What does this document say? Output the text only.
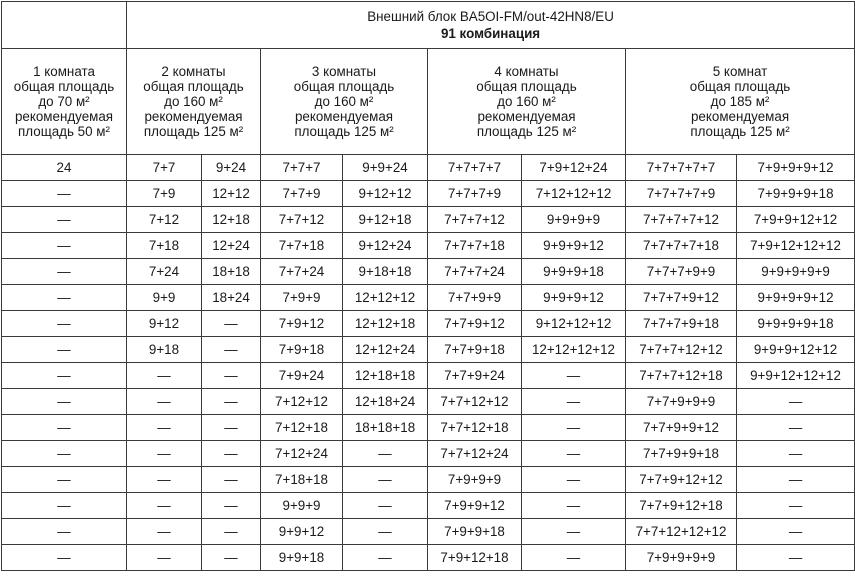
	Внешний блок BA5OI-FM/out-42HN8/EU
91 комбинация							

1 комната
общая площадь
до 70 м²
рекомендуемая
площадь 50 м²	2 комнаты
общая площадь
до 160 м²
рекомендуемая
площадь 125 м²		3 комнаты
общая площадь
до 160 м²
рекомендуемая
площадь 125 м²		4 комнаты
общая площадь
до 160 м²
рекомендуемая
площадь 125 м²		5 комнат
общая площадь
до 185 м²
рекомендуемая
площадь 125 м²	

24	7+7	9+24	7+7+7	9+9+24	7+7+7+7	7+9+12+24	7+7+7+7+7	7+9+9+9+12
—	7+9	12+12	7+7+9	9+12+12	7+7+7+9	7+12+12+12	7+7+7+7+9	7+9+9+9+18
—	7+12	12+18	7+7+12	9+12+18	7+7+7+12	9+9+9+9	7+7+7+7+12	7+9+9+12+12
—	7+18	12+24	7+7+18	9+12+24	7+7+7+18	9+9+9+12	7+7+7+7+18	7+9+12+12+12
—	7+24	18+18	7+7+24	9+18+18	7+7+7+24	9+9+9+18	7+7+7+9+9	9+9+9+9+9
—	9+9	18+24	7+9+9	12+12+12	7+7+9+9	9+9+9+12	7+7+7+9+12	9+9+9+9+12
—	9+12	—	7+9+12	12+12+18	7+7+9+12	9+12+12+12	7+7+7+9+18	9+9+9+9+18
—	9+18	—	7+9+18	12+12+24	7+7+9+18	12+12+12+12	7+7+7+12+12	9+9+9+12+12
—	—	—	7+9+24	12+18+18	7+7+9+24	—	7+7+7+12+18	9+9+12+12+12
—	—	—	7+12+12	12+18+24	7+7+12+12	—	7+7+9+9+9	—
—	—	—	7+12+18	18+18+18	7+7+12+18	—	7+7+9+9+12	—
—	—	—	7+12+24	—	7+7+12+24	—	7+7+9+9+18	—
—	—	—	7+18+18	—	7+9+9+9	—	7+7+9+12+12	—
—	—	—	9+9+9	—	7+9+9+12	—	7+7+9+12+18	—
—	—	—	9+9+12	—	7+9+9+18	—	7+7+12+12+12	—
—	—	—	9+9+18	—	7+9+12+18	—	7+9+9+9+9	—
